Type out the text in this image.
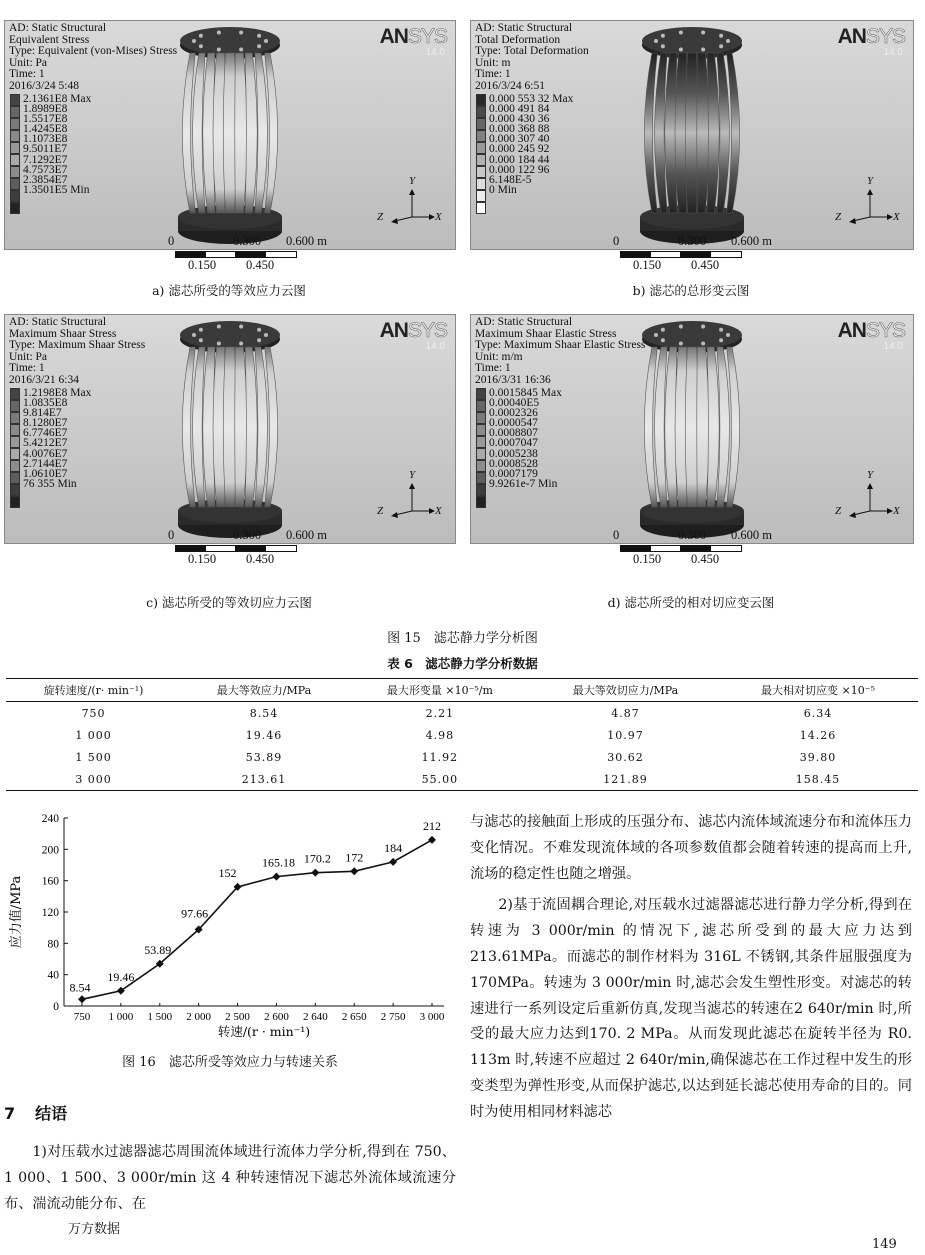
AD: Static Structural
Equivalent Stress
Type: Equivalent (von-Mises) Stress
Unit: Pa
Time: 1
2016/3/24 5:48
ANSYS
14.0
2.1361E8 Max
1.8989E8
1.5517E8
1.4245E8
1.1073E8
9.5011E7
7.1292E7
4.7573E7
2.3854E7
1.3501E5 Min
Y
Z	X
0	0.300 0.600 m
0.150 0.450
a) 滤芯所受的等效应力云图
AD: Static Structural
Total Deformation
Type: Total Deformation
Unit: m
Time: 1
2016/3/24 6:51
ANSYS
14.0
0.000 553 32 Max
0.000 491 84
0.000 430 36
0.000 368 88
0.000 307 40
0.000 245 92
0.000 184 44
0.000 122 96
6.148E-5
0 Min
Y
Z	X
0	0.300 0.600 m
0.150 0.450
b) 滤芯的总形变云图
AD: Static Structural
Maximum Shaar Stress
Type: Maximum Shaar Stress
Unit: Pa
Time: 1
2016/3/21 6:34
ANSYS
14.0
1.2198E8 Max
1.0835E8
9.814E7
8.1280E7
6.7746E7
5.4212E7
4.0076E7
2.7144E7
1.0610E7
76 355 Min
Y
Z	X
0	0.300 0.600 m
0.150 0.450
c) 滤芯所受的等效切应力云图
AD: Static Structural
Maximum Shaar Elastic Stress
Type: Maximum Shaar Elastic Stress
Unit: m/m
Time: 1
2016/3/31 16:36
ANSYS
14.0
0.0015845 Max
0.00040E5
0.0002326
0.0000547
0.0008807
0.0007047
0.0005238
0.0008528
0.0007179
9.9261e-7 Min
Y
Z	X
0	0.300 0.600 m
0.150 0.450
d) 滤芯所受的相对切应变云图
图 15　滤芯静力学分析图
表 6　滤芯静力学分析数据
旋转速度/(r· min⁻¹)	最大等效应力/MPa	最大形变量 ×10⁻⁵/m	最大等效切应力/MPa	最大相对切应变 ×10⁻⁵
750	8.54	2.21	4.87	6.34
1 000	19.46	4.98	10.97	14.26
1 500	53.89	11.92	30.62	39.80
3 000	213.61	55.00	121.89	158.45
0
40
80
120
160
200
240
750 1 000 1 500 2 000 2 500 2 600 2 640 2 650 2 750 3 000
8.54
19.46
53.89
97.66
152
165.18 170.2 172
184
212
应力值/MPa
转速/(r · min⁻¹)
图 16　滤芯所受等效应力与转速关系
7 结语

1)对压载水过滤器滤芯周围流体域进行流体力学分析,得到在 750、1 000、1 500、3 000r/min 这 4 种转速情况下滤芯外流体域流速分布、湍流动能分布、在

万方数据

与滤芯的接触面上形成的压强分布、滤芯内流体域流速分布和流体压力变化情况。不难发现流体域的各项参数值都会随着转速的提高而上升,流场的稳定性也随之增强。

2)基于流固耦合理论,对压载水过滤器滤芯进行静力学分析,得到在转速为 3 000r/min 的情况下,滤芯所受到的最大应力达到 213.61MPa。而滤芯的制作材料为 316L 不锈钢,其条件屈服强度为 170MPa。转速为 3 000r/min 时,滤芯会发生塑性形变。对滤芯的转速进行一系列设定后重新仿真,发现当滤芯的转速在2 640r/min 时,所受的最大应力达到170. 2 MPa。从而发现此滤芯在旋转半径为 R0. 113m 时,转速不应超过 2 640r/min,确保滤芯在工作过程中发生的形变类型为弹性形变,从而保护滤芯,以达到延长滤芯使用寿命的目的。同时为使用相同材料滤芯

149
